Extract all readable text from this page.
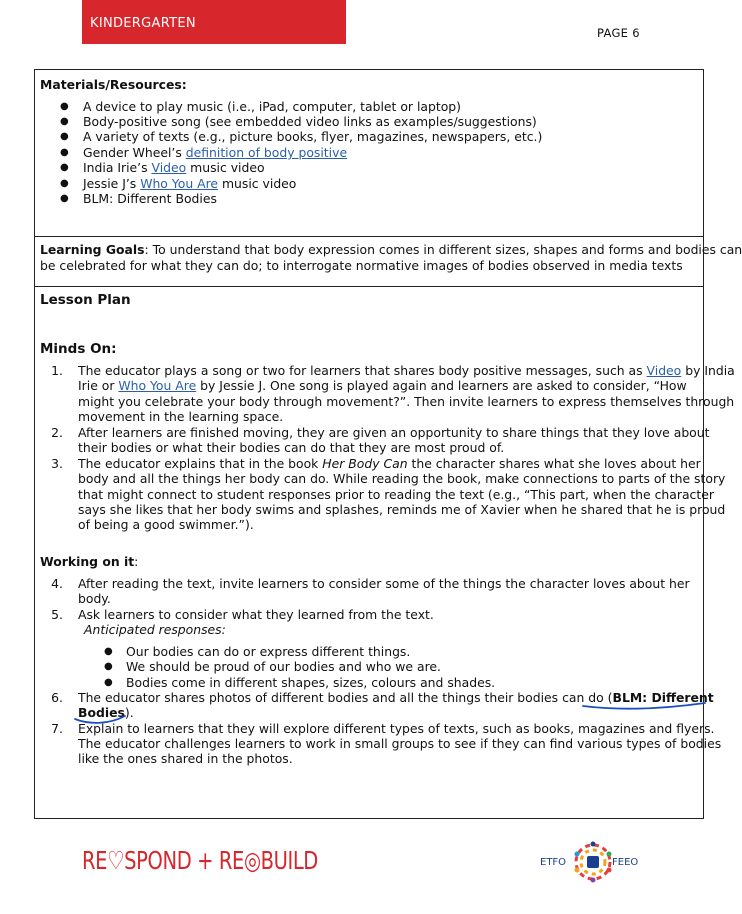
KINDERGARTEN
PAGE 6
Materials/Resources:
● A device to play music (i.e., iPad, computer, tablet or laptop)
● Body-positive song (see embedded video links as examples/suggestions)
● A variety of texts (e.g., picture books, flyer, magazines, newspapers, etc.)
● Gender Wheel’s definition of body positive
● India Irie’s Video music video
● Jessie J’s Who You Are music video
● BLM: Different Bodies
Learning Goals: To understand that body expression comes in different sizes, shapes and forms and bodies can
be celebrated for what they can do; to interrogate normative images of bodies observed in media texts
Lesson Plan
Minds On:
1. The educator plays a song or two for learners that shares body positive messages, such as Video by India
Irie or Who You Are by Jessie J. One song is played again and learners are asked to consider, “How
might you celebrate your body through movement?”. Then invite learners to express themselves through
movement in the learning space.
2. After learners are finished moving, they are given an opportunity to share things that they love about
their bodies or what their bodies can do that they are most proud of.
3. The educator explains that in the book Her Body Can the character shares what she loves about her
body and all the things her body can do. While reading the book, make connections to parts of the story
that might connect to student responses prior to reading the text (e.g., “This part, when the character
says she likes that her body swims and splashes, reminds me of Xavier when he shared that he is proud
of being a good swimmer.”).
Working on it:
4. After reading the text, invite learners to consider some of the things the character loves about her
body.
5. Ask learners to consider what they learned from the text.
Anticipated responses:
● Our bodies can do or express different things.
● We should be proud of our bodies and who we are.
● Bodies come in different shapes, sizes, colours and shades.
6. The educator shares photos of different bodies and all the things their bodies can do (BLM: Different
Bodies).
7. Explain to learners that they will explore different types of texts, such as books, magazines and flyers.
The educator challenges learners to work in small groups to see if they can find various types of bodies
like the ones shared in the photos.
RE♡SPOND + RE◎BUILD	ETFO	FEEO
